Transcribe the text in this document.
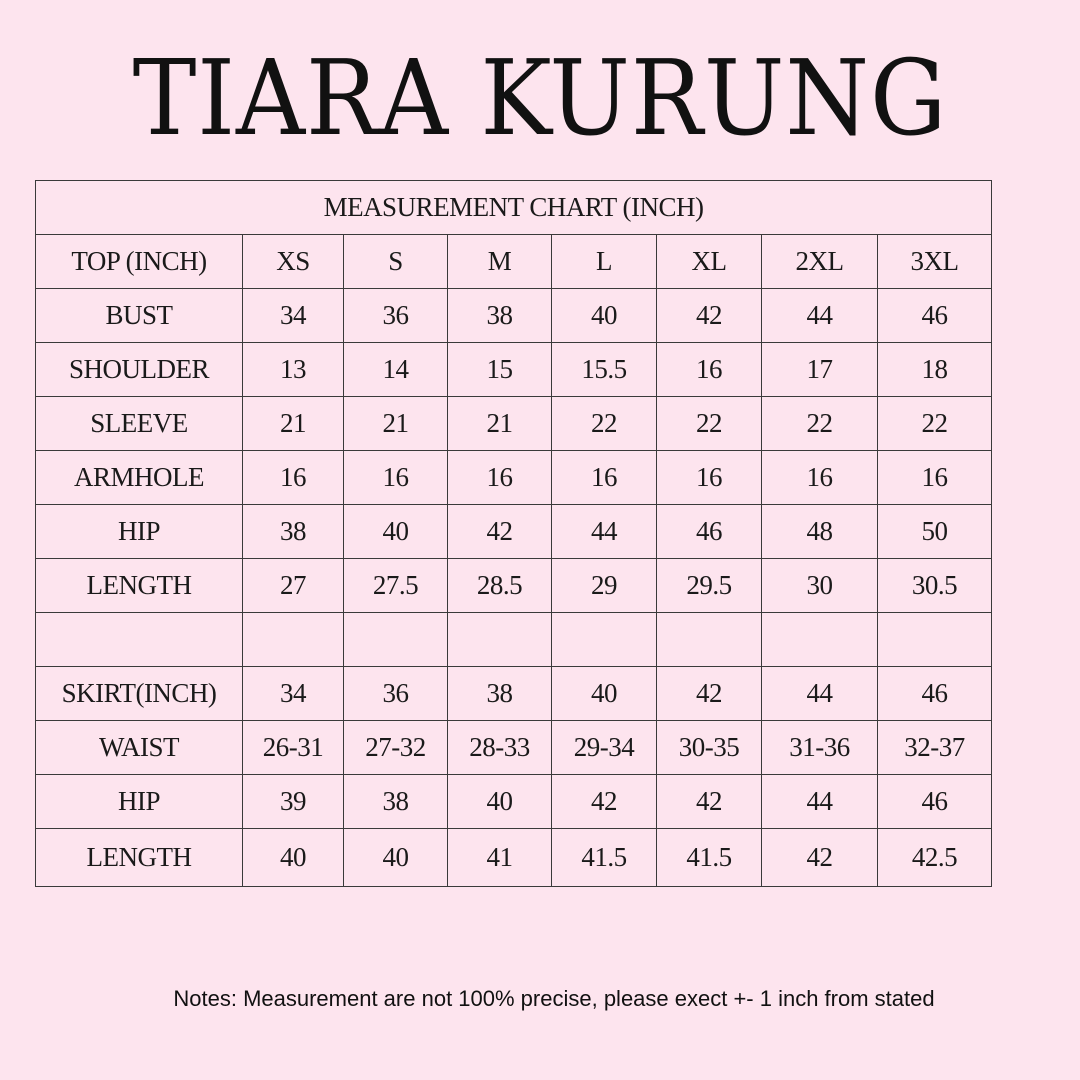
TIARA KURUNG
MEASUREMENT CHART (INCH)							
TOP (INCH)	XS	S	M	L	XL	2XL	3XL
BUST	34	36	38	40	42	44	46
SHOULDER	13	14	15	15.5	16	17	18
SLEEVE	21	21	21	22	22	22	22
ARMHOLE	16	16	16	16	16	16	16
HIP	38	40	42	44	46	48	50
LENGTH	27	27.5	28.5	29	29.5	30	30.5

SKIRT(INCH)	34	36	38	40	42	44	46
WAIST	26-31	27-32	28-33	29-34	30-35	31-36	32-37
HIP	39	38	40	42	42	44	46
LENGTH	40	40	41	41.5	41.5	42	42.5

Notes: Measurement are not 100% precise, please exect +- 1 inch from stated
